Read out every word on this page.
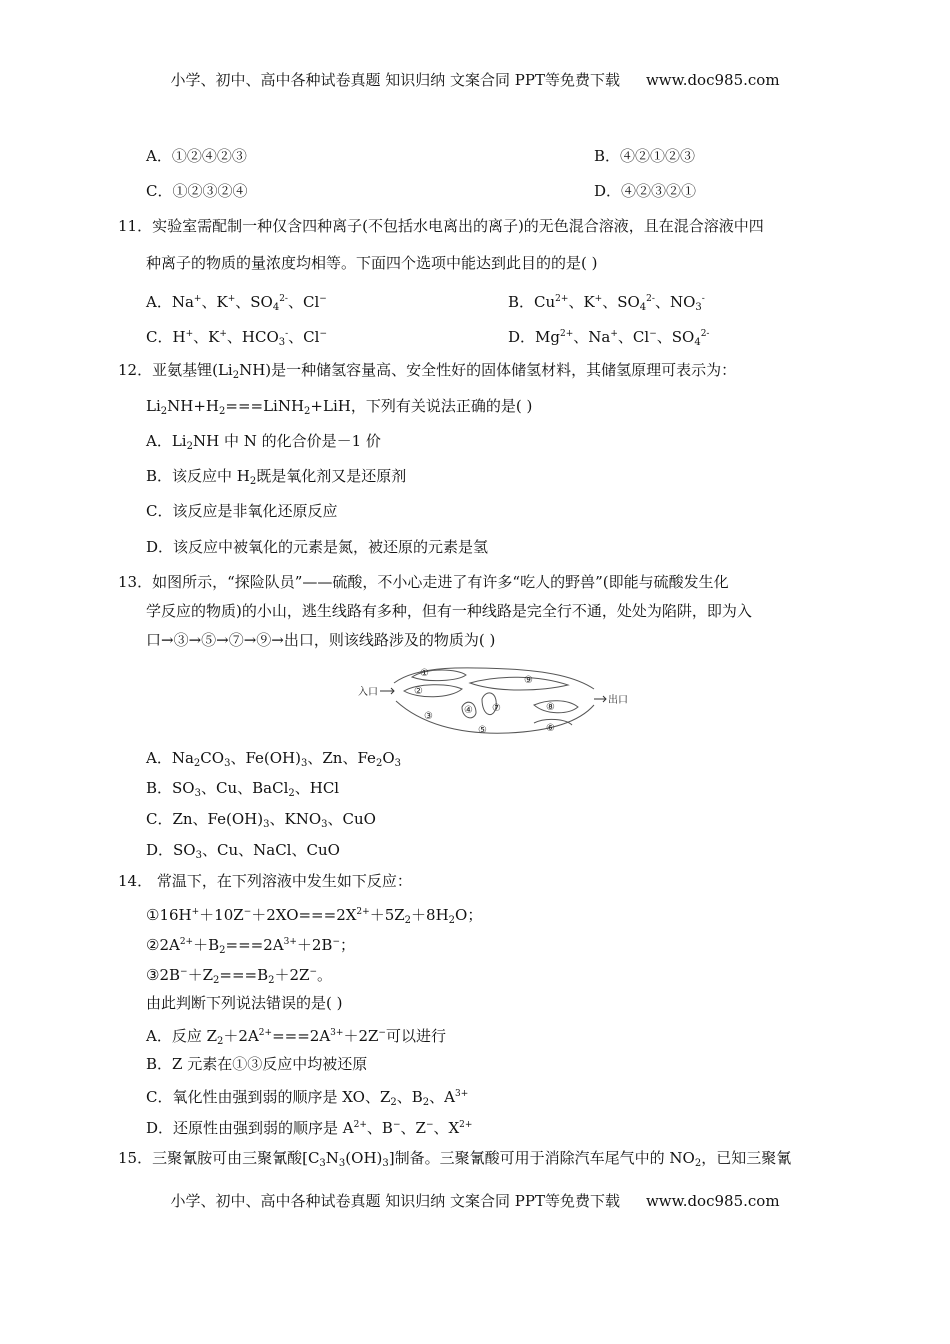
小学、初中、高中各种试卷真题 知识归纳 文案合同 PPT等免费下载 www.doc985.com
A．①②④②③	B．④②①②③
C．①②③②④	D．④②③②①
11．实验室需配制一种仅含四种离子(不包括水电离出的离子)的无色混合溶液，且在混合溶液中四
种离子的物质的量浓度均相等。下面四个选项中能达到此目的的是( )
A．Na+、K+、$SO_4^{2-}$、Cl−	B．$Cu^{2+}$、K+、$SO_4^{2-}$、$NO_3^-$
C．H+、K+、$HCO_3^-$、Cl−	D．$Mg^{2+}$、Na+、Cl−、$SO_4^{2-}$
12．亚氨基锂$(Li_2NH)$是一种储氢容量高、安全性好的固体储氢材料，其储氢原理可表示为：
$Li_2NH+H_2===LiNH_2+LiH$，下列有关说法正确的是( )
A．$Li_2NH$ 中 N 的化合价是－1 价
B．该反应中 $H_2$既是氧化剂又是还原剂
C．该反应是非氧化还原反应
D．该反应中被氧化的元素是氮，被还原的元素是氢
13．如图所示，“探险队员”——硫酸，不小心走进了有许多“吃人的野兽”(即能与硫酸发生化
学反应的物质)的小山，逃生线路有多种，但有一种线路是完全行不通，处处为陷阱，即为入
口→③→⑤→⑦→⑨→出口，则该线路涉及的物质为( )
入口
出口
①
②
③
④
⑤	⑥
⑦	⑧
⑨
A．$Na_2CO_3$、$Fe(OH)_3$、Zn、$Fe_2O_3$
B．$SO_3$、Cu、BaCl$_2$、HCl
C．Zn、$Fe(OH)_3$、$KNO_3$、CuO
D．$SO_3$、Cu、NaCl、CuO
14． 常温下，在下列溶液中发生如下反应：
$①16H^++10Z^-+2XO===2X^{2+}+5Z_2+8H_2O$；
$②2A^{2+}+B_2===2A^{3+}+2B^-$；
$③2B^-+Z_2===B_2+2Z^-$。
由此判断下列说法错误的是( )
A．反应 $Z_2+2A^{2+}===2A^{3+}+2Z^-$可以进行
B．Z 元素在①③反应中均被还原
C．氧化性由强到弱的顺序是 XO、$Z_2$、$B_2$、$A^{3+}$
D．还原性由强到弱的顺序是 $A^{2+}$、B−、Z−、$X^{2+}$
15．三聚氰胺可由三聚氰酸$[C_3N_3(OH)_3]$制备。三聚氰酸可用于消除汽车尾气中的 $NO_2$，已知三聚氰
小学、初中、高中各种试卷真题 知识归纳 文案合同 PPT等免费下载 www.doc985.com
